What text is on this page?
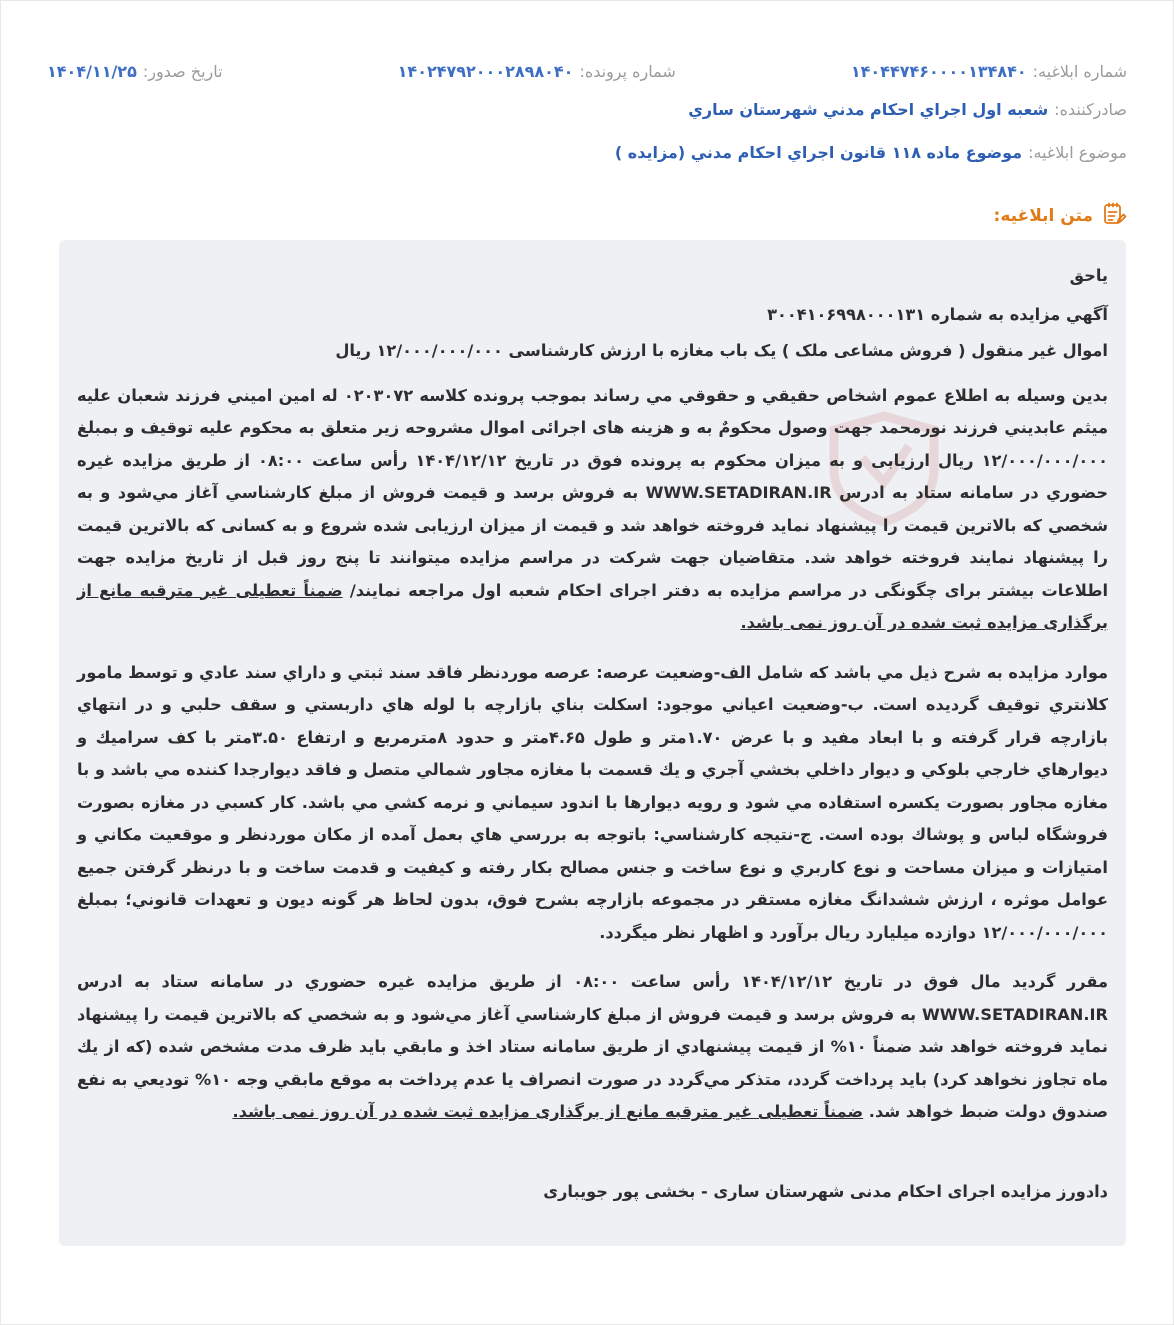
شماره ابلاغیه:
۱۴۰۴۴۷۴۶۰۰۰۰۱۳۴۸۴۰
شماره پرونده:
۱۴۰۲۴۷۹۲۰۰۰۲۸۹۸۰۴۰
تاریخ صدور:
۱۴۰۴/۱۱/۲۵
صادرکننده:
شعبه اول اجراي احكام مدني شهرستان ساري
موضوع ابلاغیه:
موضوع ماده ۱۱۸ قانون اجراي احكام مدني (مزايده )
متن ابلاغیه:

ياحق

آگهي مزايده به شماره ۳۰۰۴۱۰۶۹۹۸۰۰۰۱۳۱

اموال غير منقول ( فروش مشاعی ملک ) يک باب مغازه با ارزش کارشناسی ۱۲/۰۰۰/۰۰۰/۰۰۰ ريال

بدين وسيله به اطلاع عموم اشخاص حقيقي و حقوقي مي رساند بموجب پرونده كلاسه ۰۲۰۳۰۷۲ له امين اميني فرزند شعبان عليه ميثم عابديني فرزند نورمحمد جهت وصول محكومٌ به و هزينه های اجرائی اموال مشروحه زير متعلق به محكوم عليه توقيف و بمبلغ ۱۲/۰۰۰/۰۰۰/۰۰۰ ريال ارزيابی و به ميزان محكوم به پرونده فوق در تاريخ ۱۴۰۴/۱۲/۱۲ رأس ساعت ۰۸:۰۰ از طريق مزايده غيره حضوري در سامانه ستاد به ادرس WWW.SETADIRAN.IR به فروش برسد و قيمت فروش از مبلغ كارشناسي آغاز مي‌شود و به شخصي كه بالاترين قيمت را پيشنهاد نمايد فروخته خواهد شد و قيمت از ميزان ارزيابی شده شروع و به كسانی كه بالاترين قيمت را پيشنهاد نمايند فروخته خواهد شد. متقاضيان جهت شركت در مراسم مزايده ميتوانند تا پنج روز قبل از تاريخ مزايده جهت اطلاعات بيشتر برای چگونگی در مراسم مزايده به دفتر اجرای احكام شعبه اول مراجعه نمايند/ ضمناً تعطيلی غير مترقبه مانع از برگذاری مزايده ثبت شده در آن روز نمی باشد.

موارد مزايده به شرح ذيل مي باشد كه شامل الف-وضعيت عرصه: عرصه موردنظر فاقد سند ثبتي و داراي سند عادي و توسط مامور كلانتري توقيف گرديده است. ب-وضعيت اعياني موجود: اسكلت بناي بازارچه با لوله هاي داربستي و سقف حلبي و در انتهاي بازارچه قرار گرفته و با ابعاد مفيد و با عرض ۱.۷۰متر و طول ۴.۶۵متر و حدود ۸مترمربع و ارتفاع ۳.۵۰متر با كف سراميك و ديوارهاي خارجي بلوكي و ديوار داخلي بخشي آجري و يك قسمت با مغازه مجاور شمالي متصل و فاقد ديوارجدا كننده مي باشد و با مغازه مجاور بصورت يكسره استفاده مي شود و رويه ديوارها با اندود سيماني و نرمه كشي مي باشد. كار كسبي در مغازه بصورت فروشگاه لباس و پوشاك بوده است. ج-نتيجه كارشناسي: باتوجه به بررسي هاي بعمل آمده از مكان موردنظر و موقعيت مكاني و امتيازات و ميزان مساحت و نوع كاربري و نوع ساخت و جنس مصالح بكار رفته و كيفيت و قدمت ساخت و با درنظر گرفتن جميع عوامل موثره ، ارزش ششدانگ مغازه مستقر در مجموعه بازارچه بشرح فوق، بدون لحاظ هر گونه ديون و تعهدات قانوني؛ بمبلغ ۱۲/۰۰۰/۰۰۰/۰۰۰ دوازده ميليارد ريال برآورد و اظهار نظر ميگردد.

مقرر گرديد مال فوق در تاريخ ۱۴۰۴/۱۲/۱۲ رأس ساعت ۰۸:۰۰ از طريق مزايده غيره حضوري در سامانه ستاد به ادرس WWW.SETADIRAN.IR به فروش برسد و قيمت فروش از مبلغ كارشناسي آغاز مي‌شود و به شخصي كه بالاترين قيمت را پيشنهاد نمايد فروخته خواهد شد ضمناً ۱۰% از قيمت پيشنهادي از طريق سامانه ستاد اخذ و مابقي بايد ظرف مدت مشخص شده (كه از يك ماه تجاوز نخواهد كرد) بايد پرداخت گردد، متذكر مي‌گردد در صورت انصراف يا عدم پرداخت به موقع مابقي وجه ۱۰% توديعي به نفع صندوق دولت ضبط خواهد شد. ضمناً تعطيلی غير مترقبه مانع از برگذاری مزايده ثبت شده در آن روز نمی باشد.

دادورز مزايده اجرای احكام مدنی شهرستان ساری - بخشی پور جويباری
